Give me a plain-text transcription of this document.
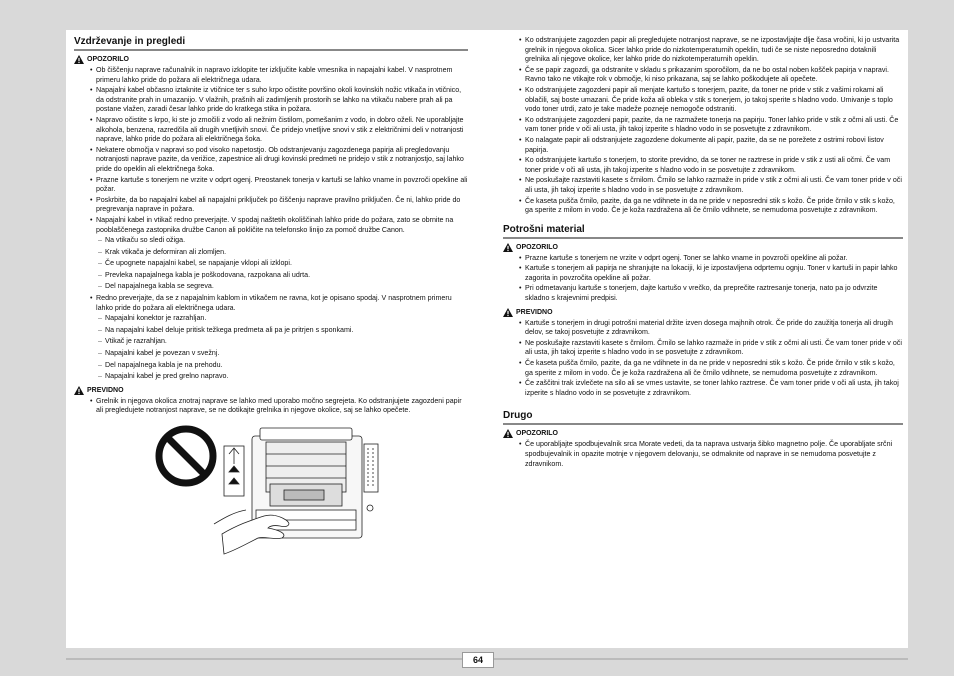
Vzdrževanje in pregledi
OPOZORILO
• Ob čiščenju naprave računalnik in napravo izklopite ter izključite kable vmesnika in napajalni kabel. V nasprotnem primeru lahko pride do požara ali električnega udara.
• Napajalni kabel občasno iztaknite iz vtičnice ter s suho krpo očistite površino okoli kovinskih nožic vtikača in vtičnico, da odstranite prah in umazanijo. V vlažnih, prašnih ali zadimljenih prostorih se lahko na vtikaču nabere prah ali pa postane vlažen, zaradi česar lahko pride do kratkega stika in požara.
• Napravo očistite s krpo, ki ste jo zmočili z vodo ali nežnim čistilom, pomešanim z vodo, in dobro oželi. Ne uporabljajte alkohola, benzena, razredčila ali drugih vnetljivih snovi. Če pridejo vnetljive snovi v stik z električnimi deli v notranjosti naprave, lahko pride do požara ali električnega šoka.
• Nekatere območja v napravi so pod visoko napetostjo. Ob odstranjevanju zagozdenega papirja ali pregledovanju notranjosti naprave pazite, da verižice, zapestnice ali drugi kovinski predmeti ne pridejo v stik z notranjostjo, saj lahko pride do opeklin ali električnega šoka.
• Prazne kartuše s tonerjem ne vrzite v odprt ogenj. Preostanek tonerja v kartuši se lahko vname in povzroči opekline ali požar.
• Poskrbite, da bo napajalni kabel ali napajalni priključek po čiščenju naprave pravilno priključen. Če ni, lahko pride do pregrevanja naprave in požara.
• Napajalni kabel in vtikač redno preverjajte. V spodaj naštetih okoliščinah lahko pride do požara, zato se obrnite na pooblaščenega zastopnika družbe Canon ali pokličite na telefonsko linijo za pomoč družbe Canon.
– Na vtikaču so sledi ožiga.
– Krak vtikača je deformiran ali zlomljen.
– Če upognete napajalni kabel, se napajanje vklopi ali izklopi.
– Prevleka napajalnega kabla je poškodovana, razpokana ali udrta.
– Del napajalnega kabla se segreva.
• Redno preverjajte, da se z napajalnim kablom in vtikačem ne ravna, kot je opisano spodaj. V nasprotnem primeru lahko pride do požara ali električnega udara.
– Napajalni konektor je razrahljan.
– Na napajalni kabel deluje pritisk težkega predmeta ali pa je pritrjen s sponkami.
– Vtikač je razrahljan.
– Napajalni kabel je povezan v svežnj.
– Del napajalnega kabla je na prehodu.
– Napajalni kabel je pred grelno napravo.
PREVIDNO
• Grelnik in njegova okolica znotraj naprave se lahko med uporabo močno segrejeta. Ko odstranjujete zagozdeni papir ali pregledujete notranjost naprave, se ne dotikajte grelnika in njegove okolice, saj se lahko opečete.
• Ko odstranjujete zagozden papir ali pregledujete notranjost naprave, se ne izpostavljajte dlje časa vročini, ki jo ustvarita grelnik in njegova okolica. Sicer lahko pride do nizkotemperaturnih opeklin, tudi če se niste neposredno dotaknili grelnika ali njegove okolice, ker lahko pride do nizkotemperaturnih opeklin.
• Če se papir zagozdi, ga odstranite v skladu s prikazanim sporočilom, da ne bo ostal noben košček papirja v napravi. Ravno tako ne vtikajte rok v območje, ki niso prikazana, saj se lahko poškodujete ali opečete.
• Ko odstranjujete zagozdeni papir ali menjate kartušo s tonerjem, pazite, da toner ne pride v stik z vašimi rokami ali oblačili, saj boste umazani. Če pride koža ali obleka v stik s tonerjem, jo takoj sperite s hladno vodo. Umivanje s toplo vodo toner utrdi, zato je take madeže pozneje nemogoče odstraniti.
• Ko odstranjujete zagozdeni papir, pazite, da ne razmažete tonerja na papirju. Toner lahko pride v stik z očmi ali usti. Če vam toner pride v oči ali usta, jih takoj izperite s hladno vodo in se posvetujte z zdravnikom.
• Ko nalagate papir ali odstranjujete zagozdene dokumente ali papir, pazite, da se ne porežete z ostrimi robovi listov papirja.
• Ko odstranjujete kartušo s tonerjem, to storite previdno, da se toner ne raztrese in pride v stik z usti ali očmi. Če vam toner pride v oči ali usta, jih takoj izperite s hladno vodo in se posvetujte z zdravnikom.
• Ne poskušajte razstaviti kasete s črnilom. Črnilo se lahko razmaže in pride v stik z očmi ali usti. Če vam toner pride v oči ali usta, jih takoj izperite s hladno vodo in se posvetujte z zdravnikom.
• Če kaseta pušča črnilo, pazite, da ga ne vdihnete in da ne pride v neposredni stik s kožo. Če pride črnilo v stik s kožo, ga sperite z milom in vodo. Če je koža razdražena ali če črnilo vdihnete, se nemudoma posvetujte z zdravnikom.
Potrošni material
OPOZORILO
• Prazne kartuše s tonerjem ne vrzite v odprt ogenj. Toner se lahko vname in povzroči opekline ali požar.
• Kartuše s tonerjem ali papirja ne shranjujte na lokaciji, ki je izpostavljena odprtemu ognju. Toner v kartuši in papir lahko zagorita in povzročita opekline ali požar.
• Pri odmetavanju kartuše s tonerjem, dajte kartušo v vrečko, da preprečite raztresanje tonerja, nato pa jo odvrzite skladno s krajevnimi predpisi.
PREVIDNO
• Kartuše s tonerjem in drugi potrošni material držite izven dosega majhnih otrok. Če pride do zaužitja tonerja ali drugih delov, se takoj posvetujte z zdravnikom.
• Ne poskušajte razstaviti kasete s črnilom. Črnilo se lahko razmaže in pride v stik z očmi ali usti. Če vam toner pride v oči ali usta, jih takoj izperite s hladno vodo in se posvetujte z zdravnikom.
• Če kaseta pušča črnilo, pazite, da ga ne vdihnete in da ne pride v neposredni stik s kožo. Če pride črnilo v stik s kožo, ga sperite z milom in vodo. Če je koža razdražena ali če črnilo vdihnete, se nemudoma posvetujte z zdravnikom.
• Če zaščitni trak izvlečete na silo ali se vmes ustavite, se toner lahko raztrese. Če vam toner pride v oči ali usta, jih takoj izperite s hladno vodo in se posvetujte z zdravnikom.
Drugo
OPOZORILO
• Če uporabljajte spodbujevalnik srca Morate vedeti, da ta naprava ustvarja šibko magnetno polje. Če uporabljate srčni spodbujevalnik in opazite motnje v njegovem delovanju, se odmaknite od naprave in se nemudoma posvetujte z zdravnikom.
64
